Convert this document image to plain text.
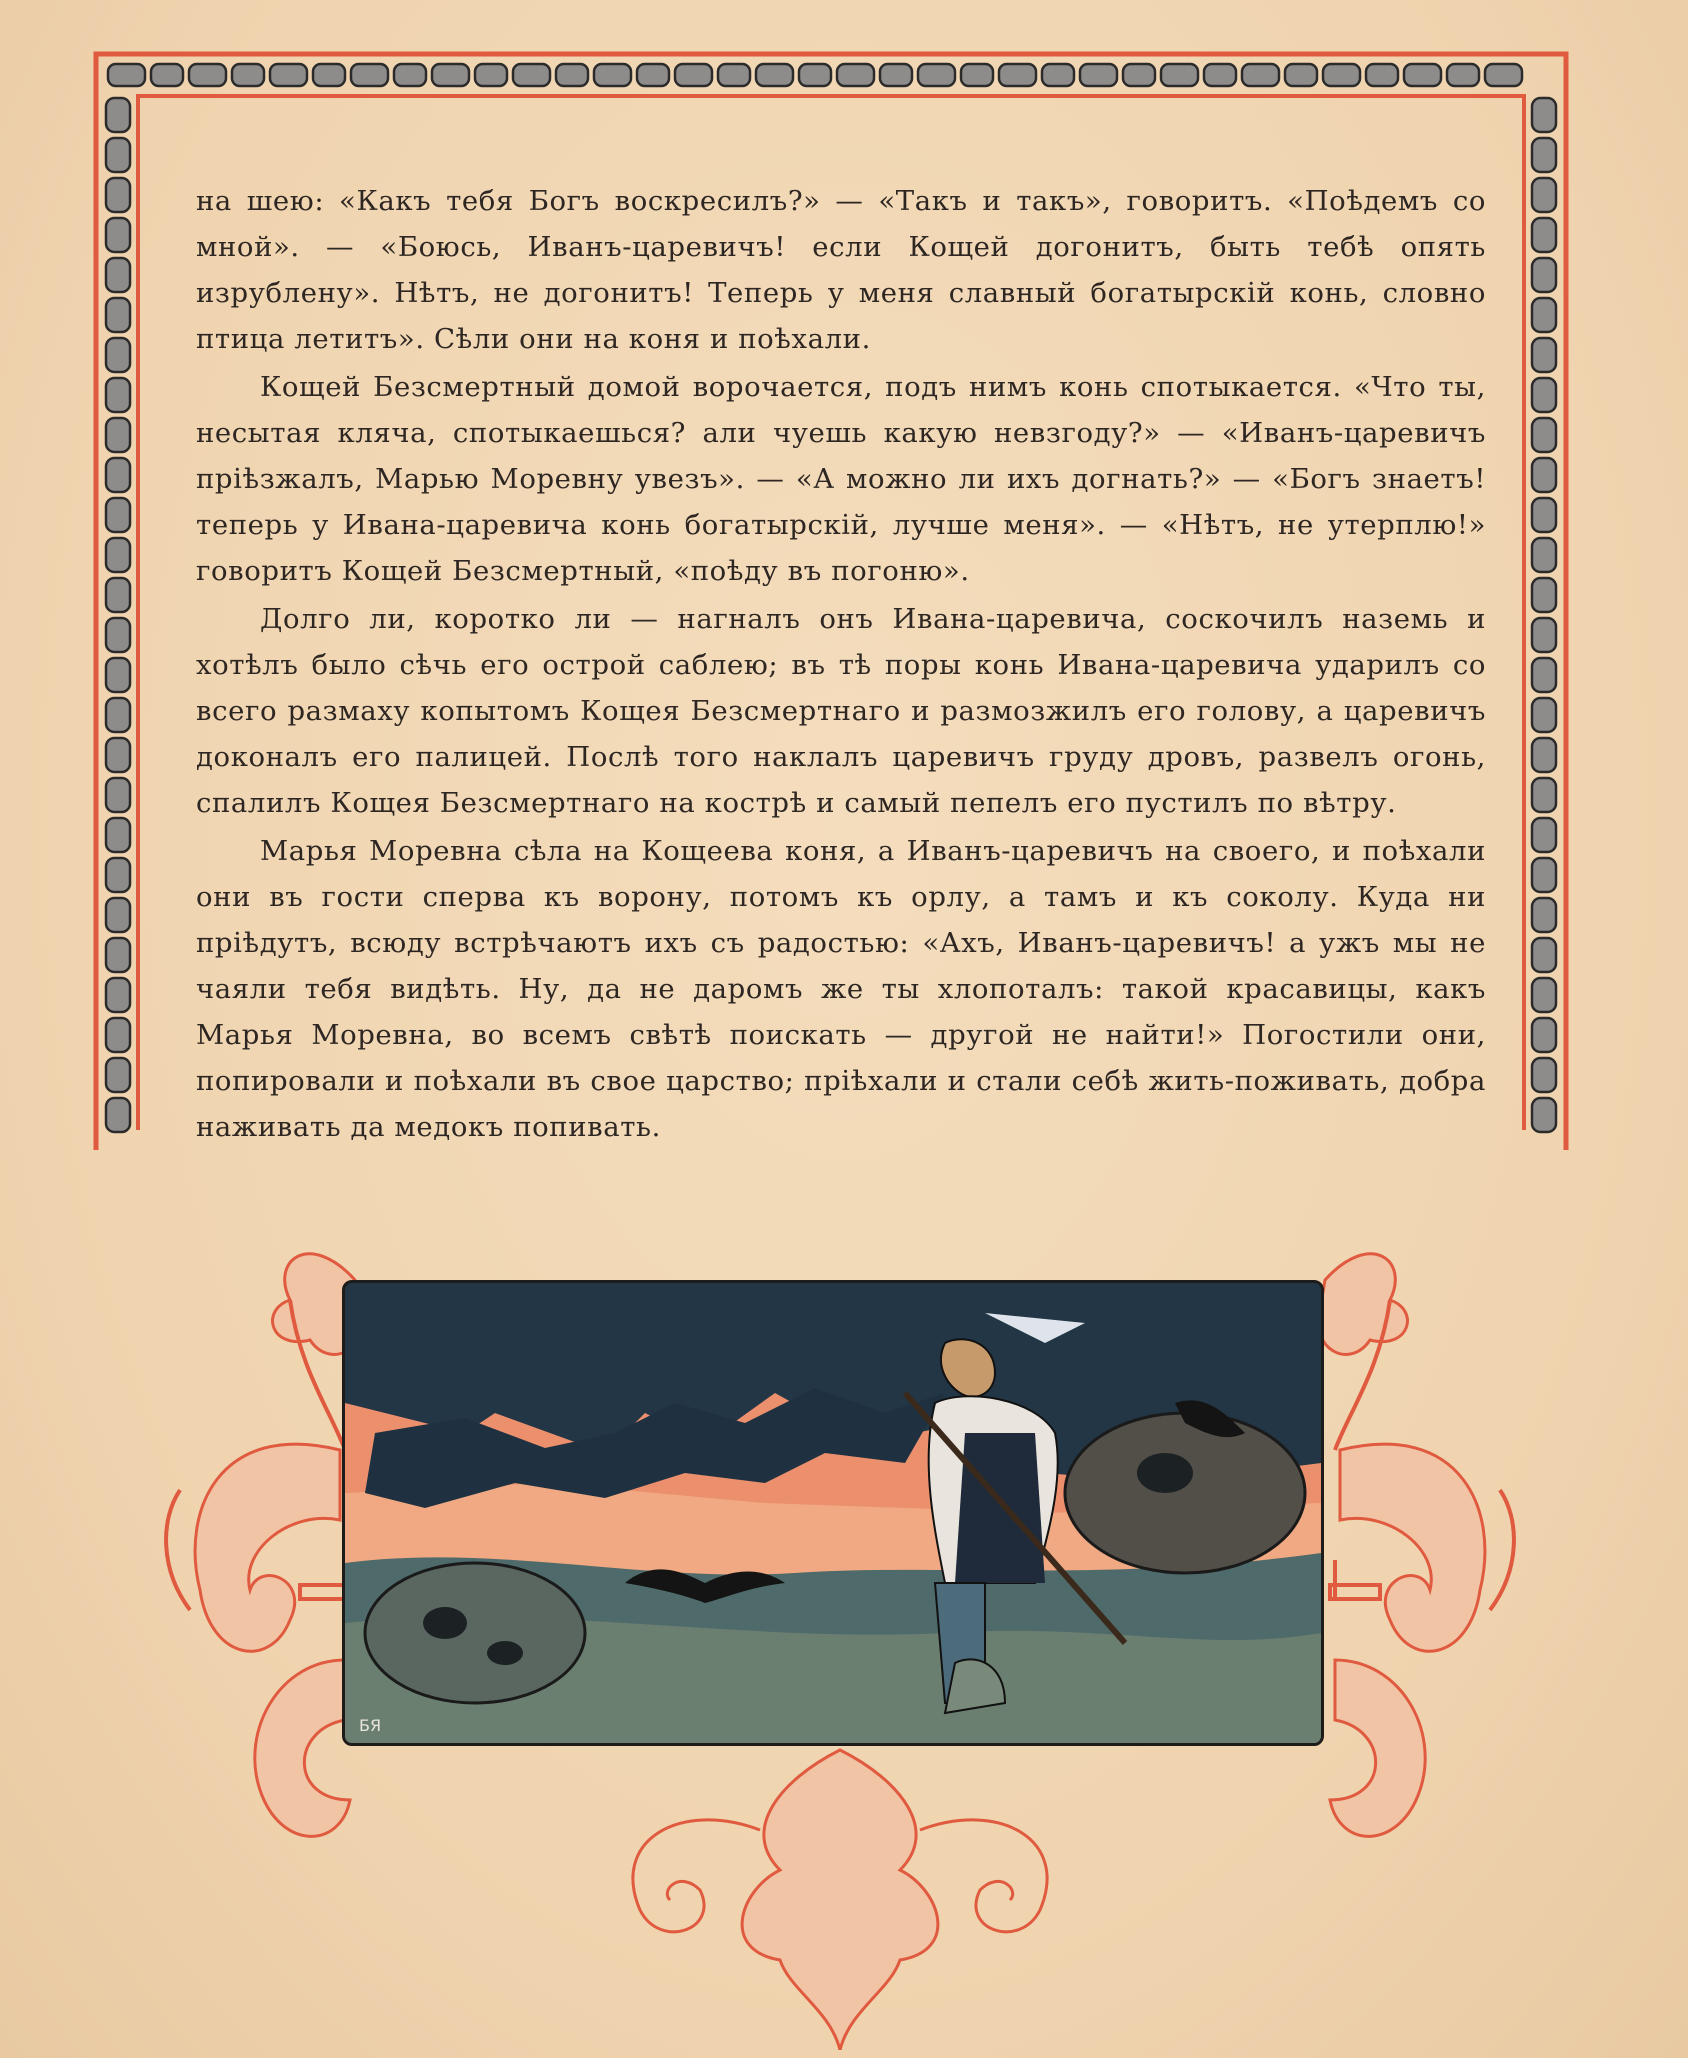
на шею: «Какъ тебя Богъ воскресилъ?» — «Такъ и такъ», говоритъ. «Поѣдемъ со мной». — «Боюсь, Иванъ-царевичъ! если Кощей догонитъ, быть тебѣ опять изрублену». Нѣтъ, не догонитъ! Теперь у меня славный богатырскій конь, словно птица летитъ». Сѣли они на коня и поѣхали.

Кощей Безсмертный домой ворочается, подъ нимъ конь спотыкается. «Что ты, несытая кляча, спотыкаешься? али чуешь какую невзгоду?» — «Иванъ-царевичъ пріѣзжалъ, Марью Моревну увезъ». — «А можно ли ихъ догнать?» — «Богъ знаетъ! теперь у Ивана-царевича конь богатырскій, лучше меня». — «Нѣтъ, не утерплю!» говоритъ Кощей Безсмертный, «поѣду въ погоню».

Долго ли, коротко ли — нагналъ онъ Ивана-царевича, соскочилъ наземь и хотѣлъ было сѣчь его острой саблею; въ тѣ поры конь Ивана-царевича ударилъ со всего размаху копытомъ Кощея Безсмертнаго и размозжилъ его голову, а царевичъ доконалъ его палицей. Послѣ того наклалъ царевичъ груду дровъ, развелъ огонь, спалилъ Кощея Безсмертнаго на кострѣ и самый пепелъ его пустилъ по вѣтру.

Марья Моревна сѣла на Кощеева коня, а Иванъ-царевичъ на своего, и поѣхали они въ гости сперва къ ворону, потомъ къ орлу, а тамъ и къ соколу. Куда ни пріѣдутъ, всюду встрѣчаютъ ихъ съ радостью: «Ахъ, Иванъ-царевичъ! а ужъ мы не чаяли тебя видѣть. Ну, да не даромъ же ты хлопоталъ: такой красавицы, какъ Марья Моревна, во всемъ свѣтѣ поискать — другой не найти!» Погостили они, попировали и поѣхали въ свое царство; пріѣхали и стали себѣ жить-поживать, добра наживать да медокъ попивать.

БЯ
